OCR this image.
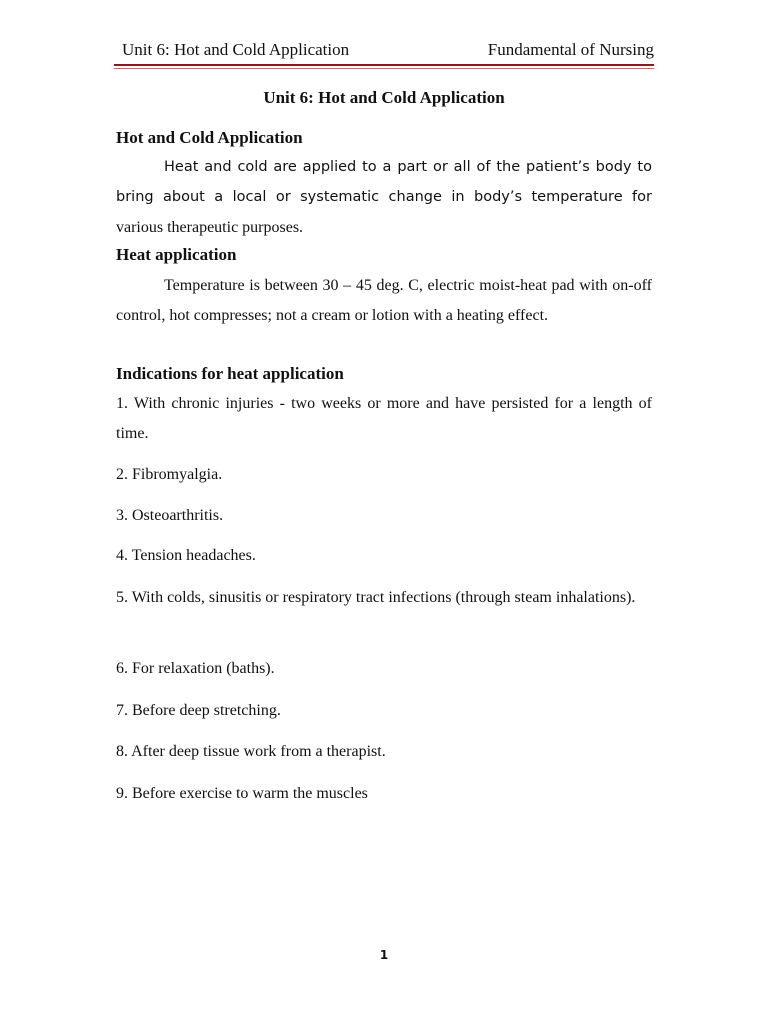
Unit 6: Hot and Cold Application	Fundamental of Nursing
Unit 6: Hot and Cold Application
Hot and Cold Application
Heat and cold are applied to a part or all of the patient’s body to
bring about a local or systematic change in body’s temperature for
various therapeutic purposes.
Heat application
Temperature is between 30 – 45 deg. C, electric moist-heat pad with on-off control, hot compresses; not a cream or lotion with a heating effect.
Indications for heat application
1. With chronic injuries - two weeks or more and have persisted for a length of time.
2. Fibromyalgia.
3. Osteoarthritis.
4. Tension headaches.
5. With colds, sinusitis or respiratory tract infections (through steam inhalations).
6. For relaxation (baths).
7. Before deep stretching.
8. After deep tissue work from a therapist.
9. Before exercise to warm the muscles
1
